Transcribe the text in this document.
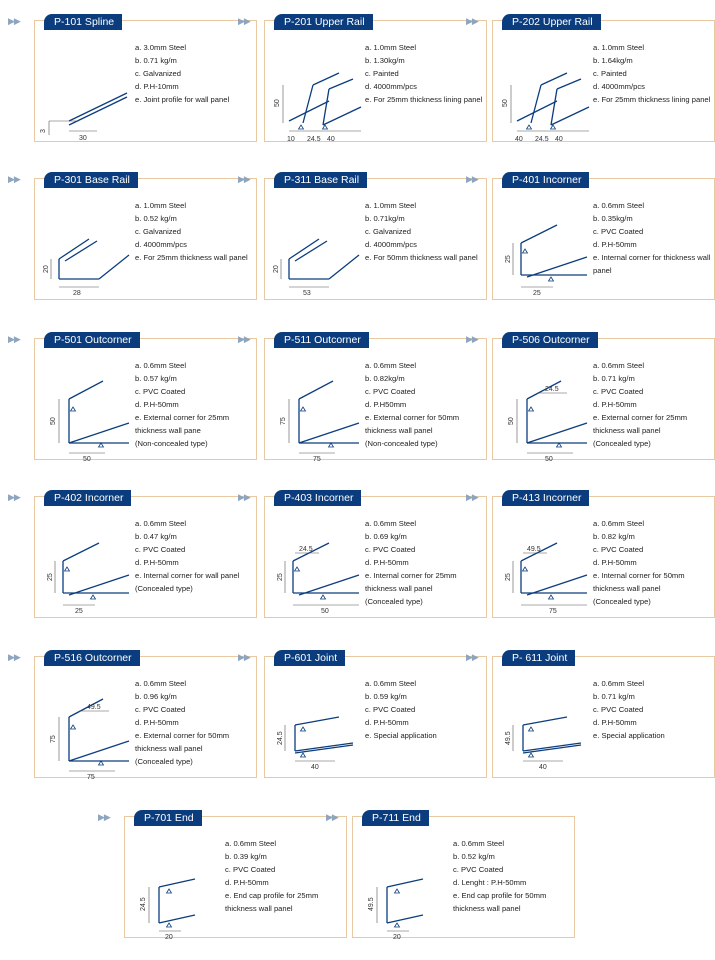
▶▶
a. 3.0mm Steel
b. 0.71 kg/m
c. Galvanized
d. P.H-10mm
e. Joint profile for wall panel
3
30
P-101 Spline	▶▶
a. 1.0mm Steel
b. 1.30kg/m
c. Painted
d. 4000mm/pcs
e. For 25mm thickness lining panel
50
10 24.5 40
P-201 Upper Rail	▶▶
a. 1.0mm Steel
b. 1.64kg/m
c. Painted
d. 4000mm/pcs
e. For 25mm thickness lining panel
50
40 24.5 40
P-202 Upper Rail
▶▶
a. 1.0mm Steel
b. 0.52 kg/m
c. Galvanized
d. 4000mm/pcs
e. For 25mm thickness wall panel
20
28
P-301 Base Rail	▶▶
a. 1.0mm Steel
b. 0.71kg/m
c. Galvanized
d. 4000mm/pcs
e. For 50mm thickness wall panel
20
53
P-311 Base Rail	▶▶
a. 0.6mm Steel
b. 0.35kg/m
c. PVC Coated
d. P.H-50mm
e. Internal corner for thickness wall panel
25
25
P-401 Incorner
▶▶
a. 0.6mm Steel
b. 0.57 kg/m
c. PVC Coated
d. P.H-50mm
e. External corner for 25mm thickness wall pane
(Non-concealed type)
50
50
P-501 Outcorner	▶▶
a. 0.6mm Steel
b. 0.82kg/m
c. PVC Coated
d. P.H50mm
e. External corner for 50mm thickness wall panel
(Non-concealed type)
75
75
P-511 Outcorner	▶▶
a. 0.6mm Steel
b. 0.71 kg/m
c. PVC Coated
d. P.H-50mm
e. External corner for 25mm thickness wall panel
(Concealed type)
50
24.5
50
P-506 Outcorner
▶▶
a. 0.6mm Steel
b. 0.47 kg/m
c. PVC Coated
d. P.H-50mm
e. Internal corner for wall panel
(Concealed type)
25
25
P-402 Incorner	▶▶
a. 0.6mm Steel
b. 0.69 kg/m
c. PVC Coated
d. P.H-50mm
e. Internal corner for 25mm thickness wall panel
(Concealed type)
25
24.5
50
P-403 Incorner	▶▶
a. 0.6mm Steel
b. 0.82 kg/m
c. PVC Coated
d. P.H-50mm
e. Internal corner for 50mm thickness wall panel
(Concealed type)
25
49.5
75
P-413 Incorner
▶▶
a. 0.6mm Steel
b. 0.96 kg/m
c. PVC Coated
d. P.H-50mm
e. External corner for 50mm thickness wall panel
(Concealed type)
75
49.5
75
P-516 Outcorner	▶▶
a. 0.6mm Steel
b. 0.59 kg/m
c. PVC Coated
d. P.H-50mm
e. Special application
24.5
40
P-601 Joint	▶▶
a. 0.6mm Steel
b. 0.71 kg/m
c. PVC Coated
d. P.H-50mm
e. Special application
49.5
40
P- 611 Joint
▶▶
a. 0.6mm Steel
b. 0.39 kg/m
c. PVC Coated
d. P.H-50mm
e. End cap profile for 25mm thickness wall panel
24.5
20
P-701 End	▶▶
a. 0.6mm Steel
b. 0.52 kg/m
c. PVC Coated
d. Lenght : P.H-50mm
e. End cap profile for 50mm thickness wall panel
49.5
20
P-711 End
